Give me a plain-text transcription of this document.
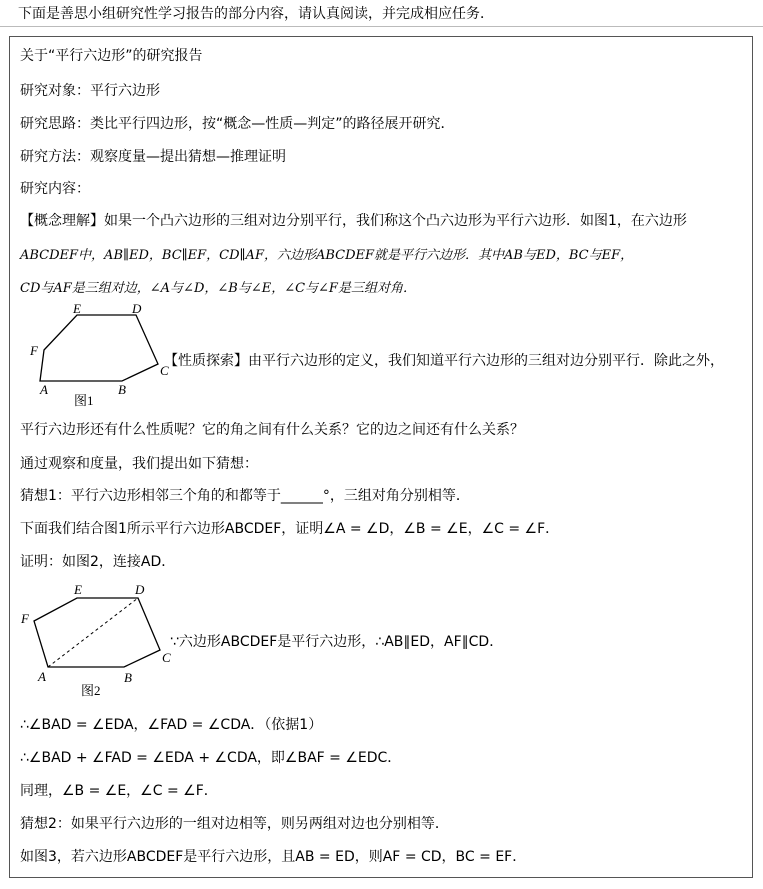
下面是善思小组研究性学习报告的部分内容，请认真阅读，并完成相应任务．
关于“平行六边形”的研究报告
研究对象：平行六边形
研究思路：类比平行四边形，按“概念—性质—判定”的路径展开研究．
研究方法：观察度量—提出猜想—推理证明
研究内容：
【概念理解】如果一个凸六边形的三组对边分别平行，我们称这个凸六边形为平行六边形．如图1，在六边形
ABCDEF中，AB∥ED，BC∥EF，CD∥AF，六边形ABCDEF就是平行六边形．其中AB与ED，BC与EF，
CD与AF是三组对边，∠A与∠D，∠B与∠E，∠C与∠F是三组对角．
E	D
F
C
B
A
图1
【性质探索】由平行六边形的定义，我们知道平行六边形的三组对边分别平行．除此之外，
平行六边形还有什么性质呢？它的角之间有什么关系？它的边之间还有什么关系？
通过观察和度量，我们提出如下猜想：
猜想1：平行六边形相邻三个角的和都等于______°，三组对角分别相等．
下面我们结合图1所示平行六边形ABCDEF，证明∠A = ∠D，∠B = ∠E，∠C = ∠F．
证明：如图2，连接AD．
E	D
F
C
B
A
图2
∵六边形ABCDEF是平行六边形，∴AB∥ED，AF∥CD．
∴∠BAD = ∠EDA，∠FAD = ∠CDA．（依据1）
∴∠BAD + ∠FAD = ∠EDA + ∠CDA，即∠BAF = ∠EDC．
同理，∠B = ∠E，∠C = ∠F．
猜想2：如果平行六边形的一组对边相等，则另两组对边也分别相等．
如图3，若六边形ABCDEF是平行六边形，且AB = ED，则AF = CD，BC = EF．
